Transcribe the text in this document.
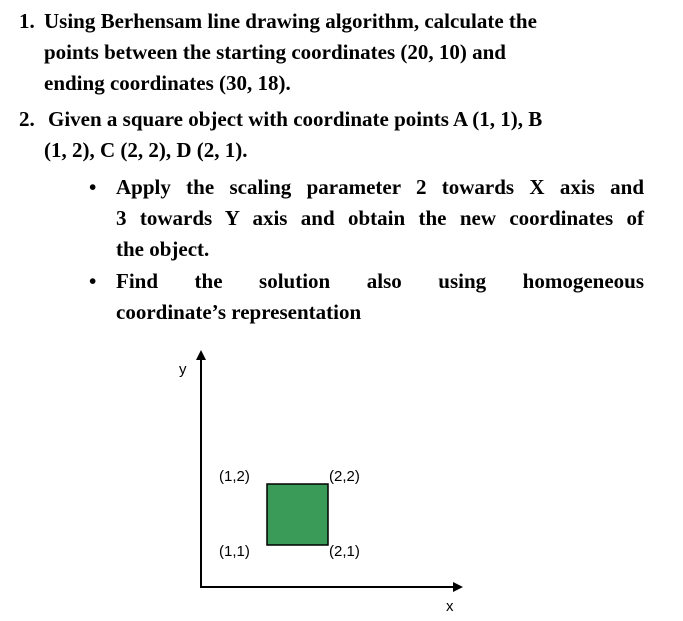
1. Using Berhensam line drawing algorithm, calculate the
points between the starting coordinates (20, 10) and
ending coordinates (30, 18).
2. Given a square object with coordinate points A (1, 1), B
(1, 2), C (2, 2), D (2, 1).
• Apply the scaling parameter 2 towards X axis and
3 towards Y axis and obtain the new coordinates of
the object.
• Find the solution also using homogeneous
coordinate’s representation
y
x
(1,2)	(2,2)
(1,1)	(2,1)
